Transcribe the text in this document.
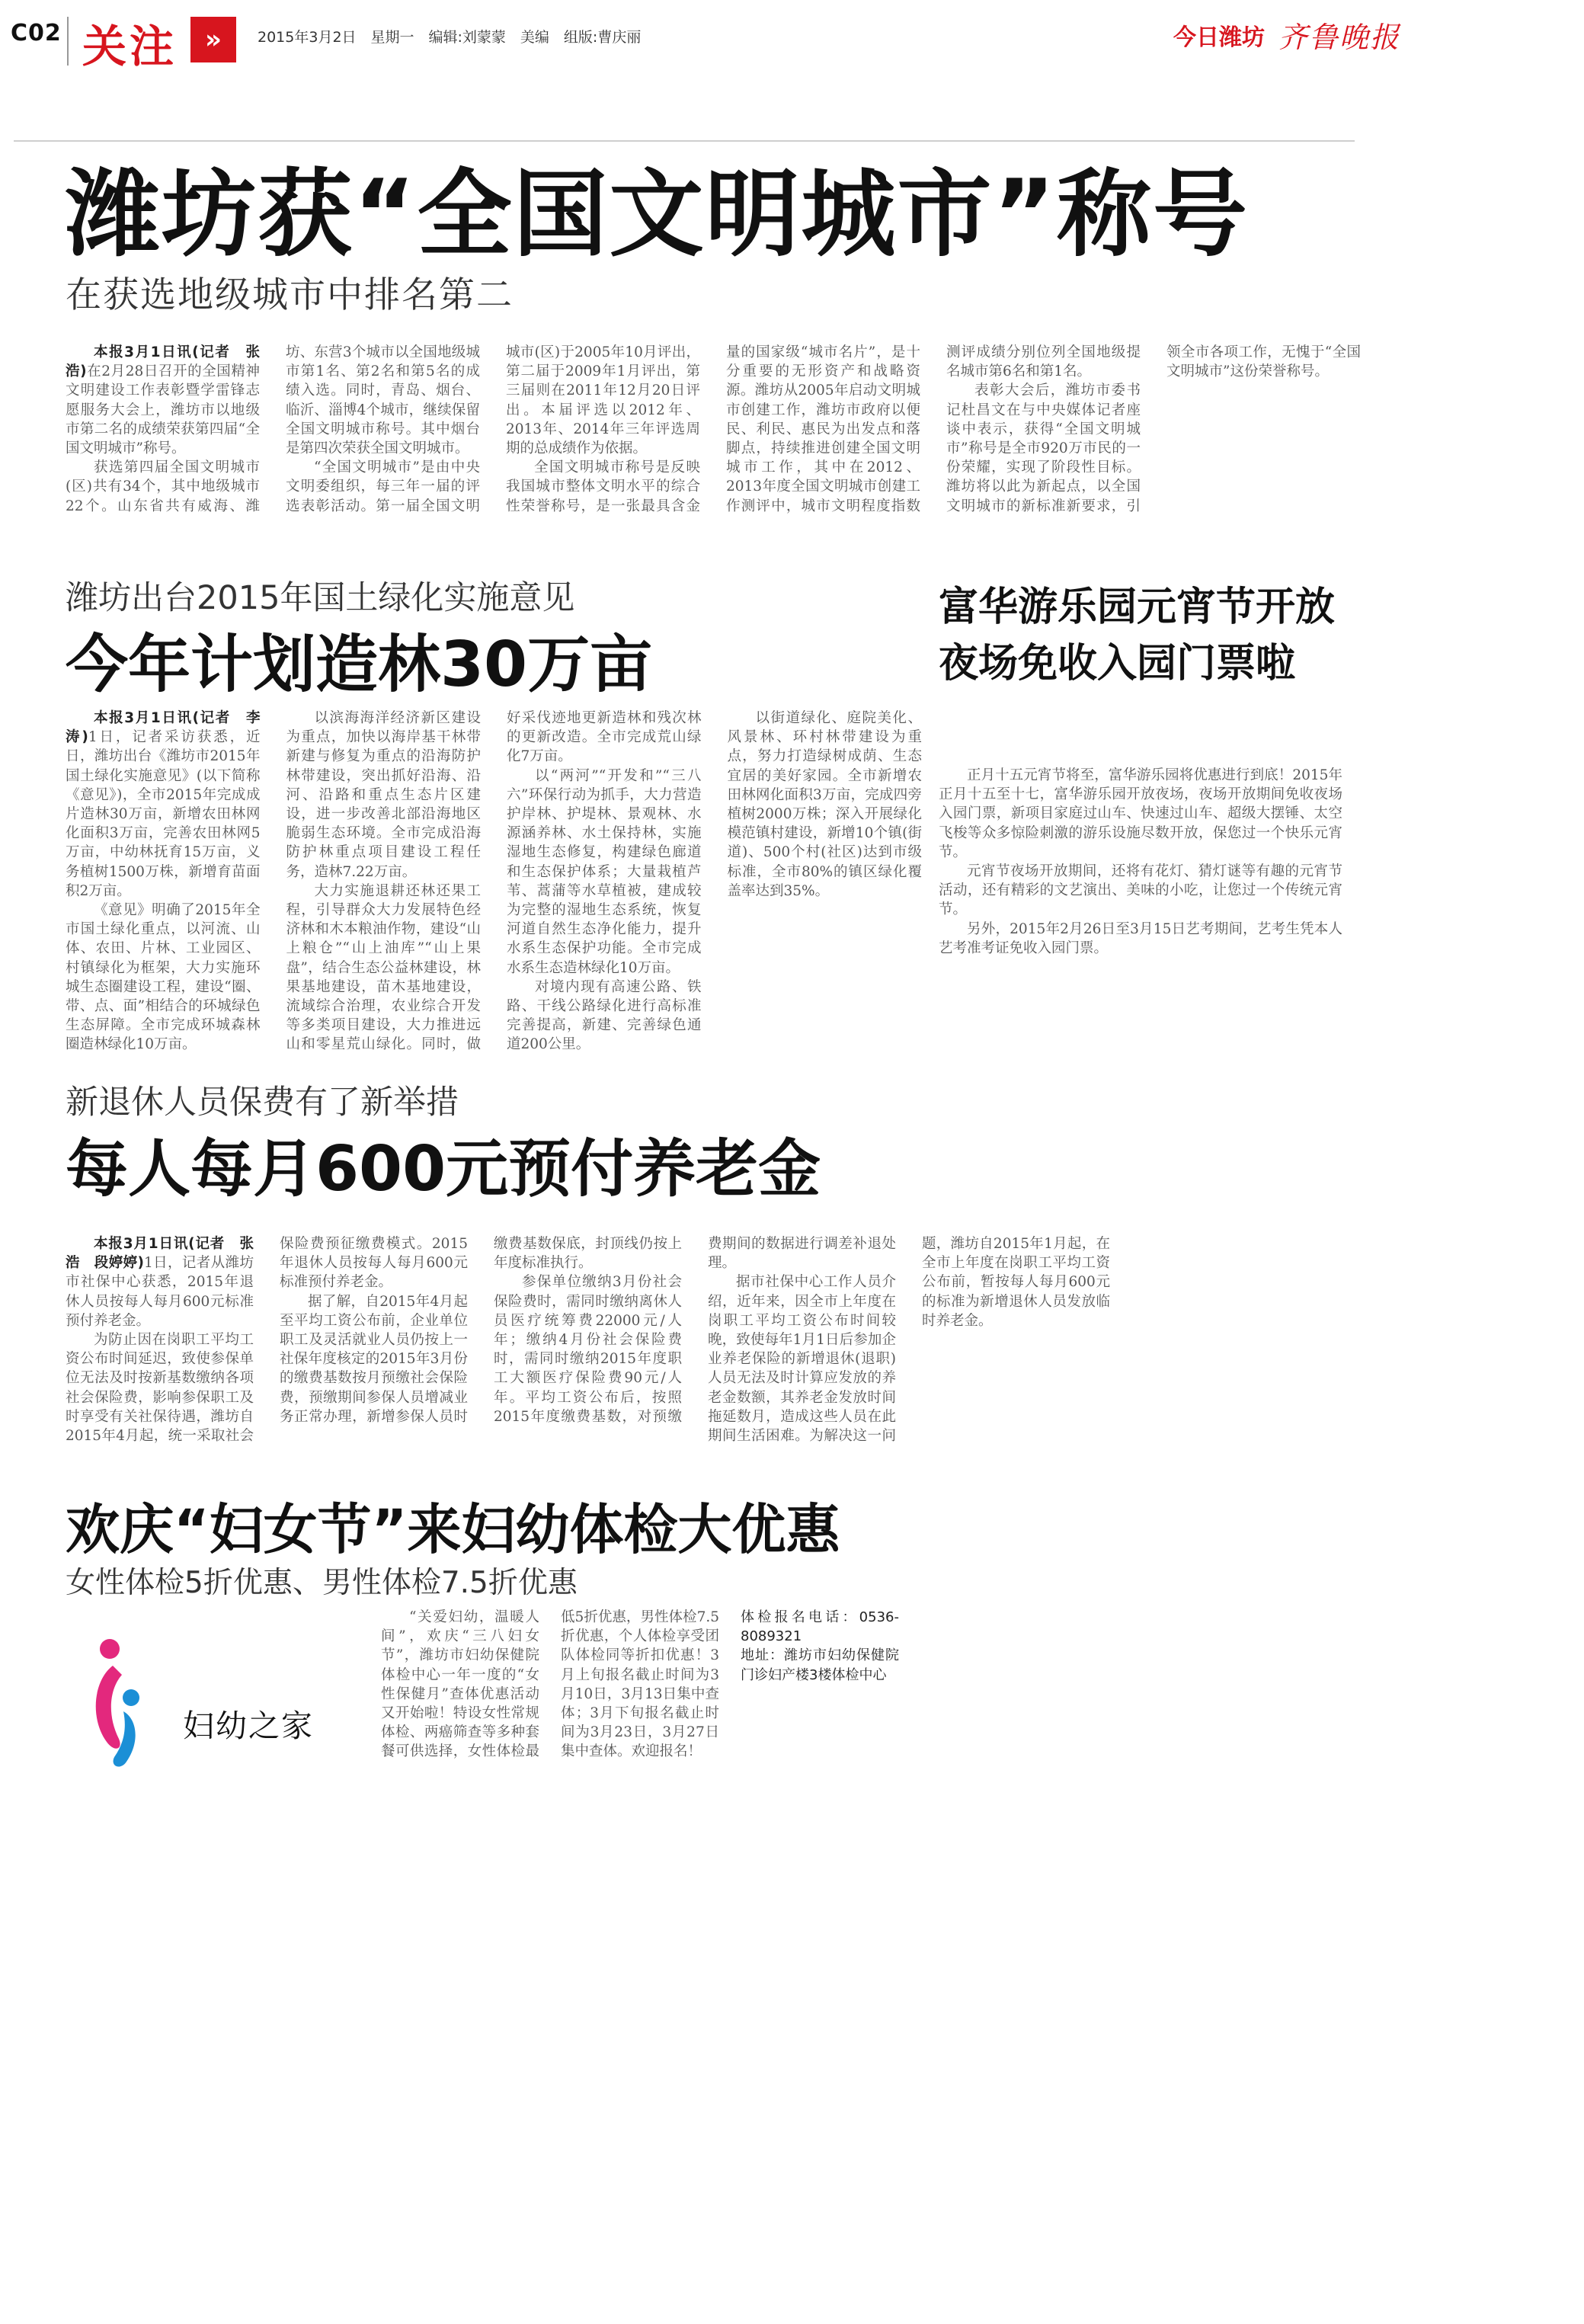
C02 关注	»	2015年3月2日　星期一　编辑:刘蒙蒙　美编　组版:曹庆丽	今日潍坊 齐鲁晚报
潍坊获“全国文明城市”称号
在获选地级城市中排名第二

本报3月1日讯(记者　张浩)在2月28日召开的全国精神文明建设工作表彰暨学雷锋志愿服务大会上，潍坊市以地级市第二名的成绩荣获第四届“全国文明城市”称号。

获选第四届全国文明城市(区)共有34个，其中地级城市22个。山东省共有威海、潍坊、东营3个城市以全国地级城市第1名、第2名和第5名的成绩入选。同时，青岛、烟台、临沂、淄博4个城市，继续保留全国文明城市称号。其中烟台是第四次荣获全国文明城市。

“全国文明城市”是由中央文明委组织，每三年一届的评选表彰活动。第一届全国文明城市(区)于2005年10月评出，第二届于2009年1月评出，第三届则在2011年12月20日评出。本届评选以2012年、2013年、2014年三年评选周期的总成绩作为依据。

全国文明城市称号是反映我国城市整体文明水平的综合性荣誉称号，是一张最具含金量的国家级“城市名片”，是十分重要的无形资产和战略资源。潍坊从2005年启动文明城市创建工作，潍坊市政府以便民、利民、惠民为出发点和落脚点，持续推进创建全国文明城市工作，其中在2012、2013年度全国文明城市创建工作测评中，城市文明程度指数测评成绩分别位列全国地级提名城市第6名和第1名。

表彰大会后，潍坊市委书记杜昌文在与中央媒体记者座谈中表示，获得“全国文明城市”称号是全市920万市民的一份荣耀，实现了阶段性目标。潍坊将以此为新起点，以全国文明城市的新标准新要求，引领全市各项工作，无愧于“全国文明城市”这份荣誉称号。

潍坊出台2015年国土绿化实施意见
今年计划造林30万亩

本报3月1日讯(记者　李涛)1日，记者采访获悉，近日，潍坊出台《潍坊市2015年国土绿化实施意见》(以下简称《意见》)，全市2015年完成成片造林30万亩，新增农田林网化面积3万亩，完善农田林网5万亩，中幼林抚育15万亩，义务植树1500万株，新增育苗面积2万亩。

《意见》明确了2015年全市国土绿化重点，以河流、山体、农田、片林、工业园区、村镇绿化为框架，大力实施环城生态圈建设工程，建设“圈、带、点、面”相结合的环城绿色生态屏障。全市完成环城森林圈造林绿化10万亩。

以滨海海洋经济新区建设为重点，加快以海岸基干林带新建与修复为重点的沿海防护林带建设，突出抓好沿海、沿河、沿路和重点生态片区建设，进一步改善北部沿海地区脆弱生态环境。全市完成沿海防护林重点项目建设工程任务，造林7.22万亩。

大力实施退耕还林还果工程，引导群众大力发展特色经济林和木本粮油作物，建设“山上粮仓”“山上油库”“山上果盘”，结合生态公益林建设，林果基地建设，苗木基地建设，流域综合治理，农业综合开发等多类项目建设，大力推进远山和零星荒山绿化。同时，做好采伐迹地更新造林和残次林的更新改造。全市完成荒山绿化7万亩。

以“两河”“开发和”“三八六”环保行动为抓手，大力营造护岸林、护堤林、景观林、水源涵养林、水土保持林，实施湿地生态修复，构建绿色廊道和生态保护体系；大量栽植芦苇、蒿蒲等水草植被，建成较为完整的湿地生态系统，恢复河道自然生态净化能力，提升水系生态保护功能。全市完成水系生态造林绿化10万亩。

对境内现有高速公路、铁路、干线公路绿化进行高标准完善提高，新建、完善绿色通道200公里。

以街道绿化、庭院美化、风景林、环村林带建设为重点，努力打造绿树成荫、生态宜居的美好家园。全市新增农田林网化面积3万亩，完成四旁植树2000万株；深入开展绿化模范镇村建设，新增10个镇(街道)、500个村(社区)达到市级标准，全市80%的镇区绿化覆盖率达到35%。

富华游乐园元宵节开放夜场免收入园门票啦

正月十五元宵节将至，富华游乐园将优惠进行到底！2015年正月十五至十七，富华游乐园开放夜场，夜场开放期间免收夜场入园门票，新项目家庭过山车、快速过山车、超级大摆锤、太空飞梭等众多惊险刺激的游乐设施尽数开放，保您过一个快乐元宵节。

元宵节夜场开放期间，还将有花灯、猜灯谜等有趣的元宵节活动，还有精彩的文艺演出、美味的小吃，让您过一个传统元宵节。

另外，2015年2月26日至3月15日艺考期间，艺考生凭本人艺考准考证免收入园门票。

新退休人员保费有了新举措
每人每月600元预付养老金

本报3月1日讯(记者　张浩　段婷婷)1日，记者从潍坊市社保中心获悉，2015年退休人员按每人每月600元标准预付养老金。

为防止因在岗职工平均工资公布时间延迟，致使参保单位无法及时按新基数缴纳各项社会保险费，影响参保职工及时享受有关社保待遇，潍坊自2015年4月起，统一采取社会保险费预征缴费模式。2015年退休人员按每人每月600元标准预付养老金。

据了解，自2015年4月起至平均工资公布前，企业单位职工及灵活就业人员仍按上一社保年度核定的2015年3月份的缴费基数按月预缴社会保险费，预缴期间参保人员增减业务正常办理，新增参保人员时缴费基数保底，封顶线仍按上年度标准执行。

参保单位缴纳3月份社会保险费时，需同时缴纳离休人员医疗统筹费22000元/人年；缴纳4月份社会保险费时，需同时缴纳2015年度职工大额医疗保险费90元/人年。平均工资公布后，按照2015年度缴费基数，对预缴费期间的数据进行调差补退处理。

据市社保中心工作人员介绍，近年来，因全市上年度在岗职工平均工资公布时间较晚，致使每年1月1日后参加企业养老保险的新增退休(退职)人员无法及时计算应发放的养老金数额，其养老金发放时间拖延数月，造成这些人员在此期间生活困难。为解决这一问题，潍坊自2015年1月起，在全市上年度在岗职工平均工资公布前，暂按每人每月600元的标准为新增退休人员发放临时养老金。

欢庆“妇女节”来妇幼体检大优惠
女性体检5折优惠、男性体检7.5折优惠
妇幼之家

“关爱妇幼，温暖人间”，欢庆“三八妇女节”，潍坊市妇幼保健院体检中心一年一度的“女性保健月”查体优惠活动又开始啦！特设女性常规体检、两癌筛查等多种套餐可供选择，女性体检最低5折优惠，男性体检7.5折优惠，个人体检享受团队体检同等折扣优惠！3月上旬报名截止时间为3月10日，3月13日集中查体；3月下旬报名截止时间为3月23日，3月27日集中查体。欢迎报名！

体检报名电话：0536-8089321

地址：潍坊市妇幼保健院门诊妇产楼3楼体检中心
